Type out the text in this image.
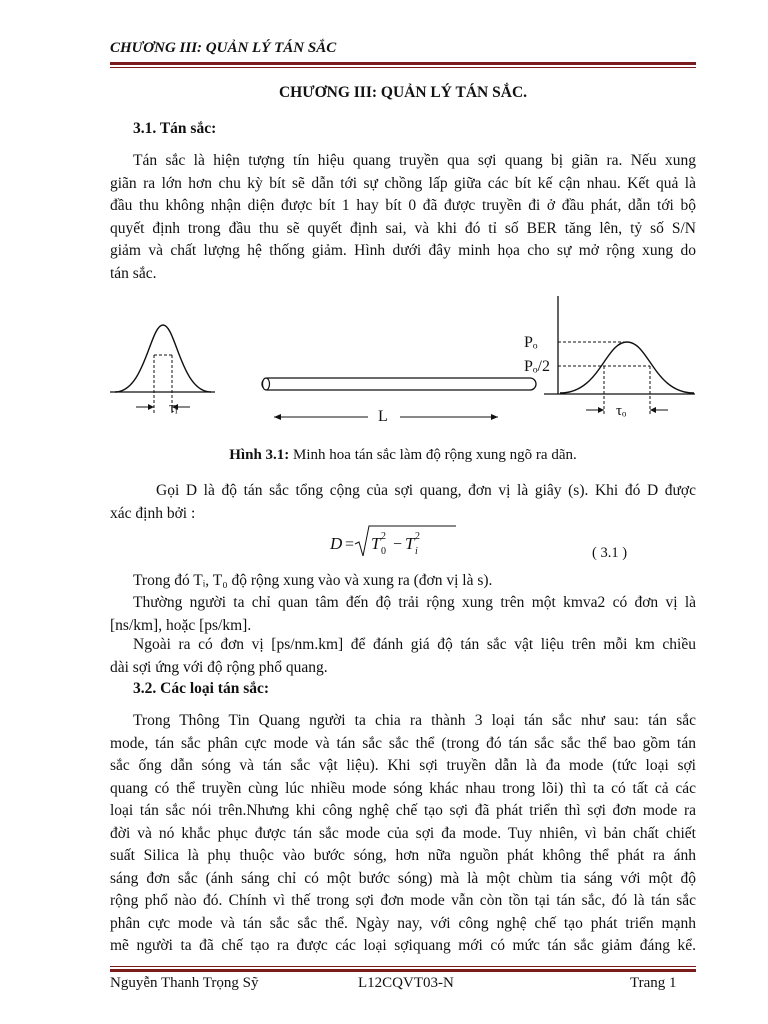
CHƯƠNG III: QUẢN LÝ TÁN SẮC
CHƯƠNG III: QUẢN LÝ TÁN SẮC.
3.1. Tán sắc:
Tán sắc là hiện tượng tín hiệu quang truyền qua sợi quang bị giãn ra. Nếu xung
giãn ra lớn hơn chu kỳ bít sẽ dẫn tới sự chồng lấp giữa các bít kế cận nhau. Kết quả là
đầu thu không nhận diện được bít 1 hay bít 0 đã được truyền đi ở đầu phát, dẫn tới bộ
quyết định trong đầu thu sẽ quyết định sai, và khi đó tỉ số BER tăng lên, tỷ số S/N
giảm và chất lượng hệ thống giảm. Hình dưới đây minh họa cho sự mở rộng xung do
tán sắc.
τᵢ	L
Pₒ
Pₒ/2
τₒ
Hình 3.1: Minh hoa tán sắc làm độ rộng xung ngõ ra dãn.
Gọi D là độ tán sắc tổng cộng của sợi quang, đơn vị là giây (s). Khi đó D được
xác định bởi :
D = T 0
2 − T i
2
( 3.1 )
Trong đó Tᵢ, T₀ độ rộng xung vào và xung ra (đơn vị là s).
Thường người ta chỉ quan tâm đến độ trải rộng xung trên một kmva2 có đơn vị là
[ns/km], hoặc [ps/km].
Ngoài ra có đơn vị [ps/nm.km] để đánh giá độ tán sắc vật liệu trên mỗi km chiều
dài sợi ứng với độ rộng phổ quang.
3.2. Các loại tán sắc:
Trong Thông Tin Quang người ta chia ra thành 3 loại tán sắc như sau: tán sắc
mode, tán sắc phân cực mode và tán sắc sắc thể (trong đó tán sắc sắc thể bao gồm tán
sắc ống dẫn sóng và tán sắc vật liệu). Khi sợi truyền dẫn là đa mode (tức loại sợi
quang có thể truyền cùng lúc nhiều mode sóng khác nhau trong lõi) thì ta có tất cả các
loại tán sắc nói trên.Nhưng khi công nghệ chế tạo sợi đã phát triển thì sợi đơn mode ra
đời và nó khắc phục được tán sắc mode của sợi đa mode. Tuy nhiên, vì bản chất chiết
suất Silica là phụ thuộc vào bước sóng, hơn nữa nguồn phát không thể phát ra ánh
sáng đơn sắc (ánh sáng chỉ có một bước sóng) mà là một chùm tia sáng với một độ
rộng phổ nào đó. Chính vì thế trong sợi đơn mode vẫn còn tồn tại tán sắc, đó là tán sắc
phân cực mode và tán sắc sắc thể. Ngày nay, với công nghệ chế tạo phát triển mạnh
mẽ người ta đã chế tạo ra được các loại sợiquang mới có mức tán sắc giảm đáng kể.
Nguyễn Thanh Trọng Sỹ	L12CQVT03-N	Trang 1
